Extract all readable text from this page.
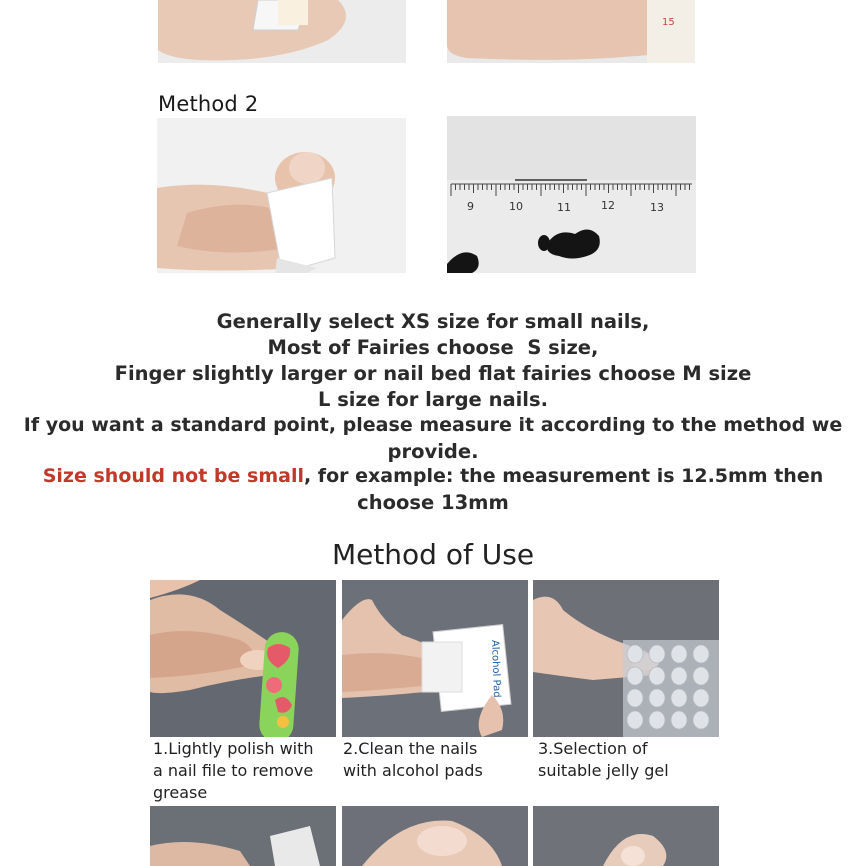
15
Method 2
9	10	11	12	13
Generally select XS size for small nails,
Most of Fairies choose  S size,
Finger slightly larger or nail bed flat fairies choose M size
L size for large nails.
If you want a standard point, please measure it according to the method we
provide.
Size should not be small, for example: the measurement is 12.5mm then
choose 13mm
Method of Use
1.Lightly polish with
a nail file to remove
grease
Alcohol Pad
2.Clean the nails
with alcohol pads
3.Selection of
suitable jelly gel
